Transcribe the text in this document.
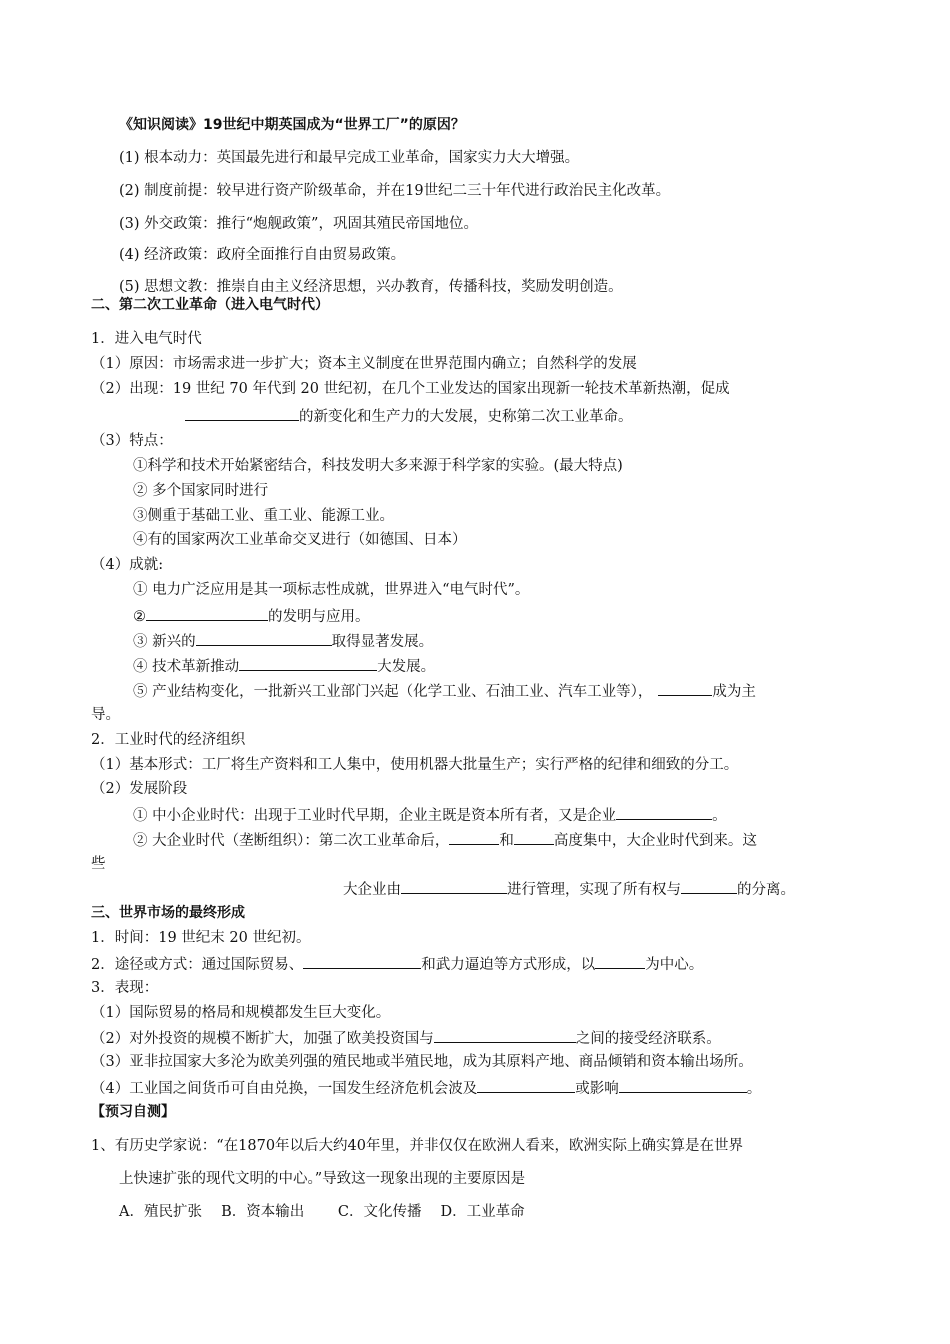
《知识阅读》19世纪中期英国成为“世界工厂”的原因？
(1) 根本动力：英国最先进行和最早完成工业革命，国家实力大大增强。
(2) 制度前提：较早进行资产阶级革命，并在19世纪二三十年代进行政治民主化改革。
(3) 外交政策：推行“炮舰政策”，巩固其殖民帝国地位。
(4) 经济政策：政府全面推行自由贸易政策。
(5) 思想文教：推崇自由主义经济思想，兴办教育，传播科技，奖励发明创造。
二、第二次工业革命（进入电气时代）
1．进入电气时代
（1）原因：市场需求进一步扩大；资本主义制度在世界范围内确立；自然科学的发展
（2）出现：19 世纪 70 年代到 20 世纪初，在几个工业发达的国家出现新一轮技术革新热潮，促成
的新变化和生产力的大发展，史称第二次工业革命。
（3）特点：
①科学和技术开始紧密结合，科技发明大多来源于科学家的实验。(最大特点)
② 多个国家同时进行
③侧重于基础工业、重工业、能源工业。
④有的国家两次工业革命交叉进行（如德国、日本）
（4）成就:
① 电力广泛应用是其一项标志性成就，世界进入“电气时代”。
②	的发明与应用。
③ 新兴的	取得显著发展。
④ 技术革新推动	大发展。
⑤ 产业结构变化，一批新兴工业部门兴起（化学工业、石油工业、汽车工业等），	成为主
导。
2．工业时代的经济组织
（1）基本形式：工厂将生产资料和工人集中，使用机器大批量生产；实行严格的纪律和细致的分工。
（2）发展阶段
① 中小企业时代：出现于工业时代早期，企业主既是资本所有者，又是企业	。
② 大企业时代（垄断组织）：第二次工业革命后，	和	高度集中，大企业时代到来。这
些
大企业由	进行管理，实现了所有权与	的分离。
三、世界市场的最终形成
1．时间：19 世纪末 20 世纪初。
2．途径或方式：通过国际贸易、	和武力逼迫等方式形成，以	为中心。
3．表现：
（1）国际贸易的格局和规模都发生巨大变化。
（2）对外投资的规模不断扩大，加强了欧美投资国与	之间的接受经济联系。
（3）亚非拉国家大多沦为欧美列强的殖民地或半殖民地，成为其原料产地、商品倾销和资本输出场所。
（4）工业国之间货币可自由兑换，一国发生经济危机会波及	或影响	。
【预习自测】
1、有历史学家说：“在1870年以后大约40年里，并非仅仅在欧洲人看来，欧洲实际上确实算是在世界
上快速扩张的现代文明的中心。”导致这一现象出现的主要原因是
A．殖民扩张　 B．资本输出　　 C．文化传播　 D．工业革命
